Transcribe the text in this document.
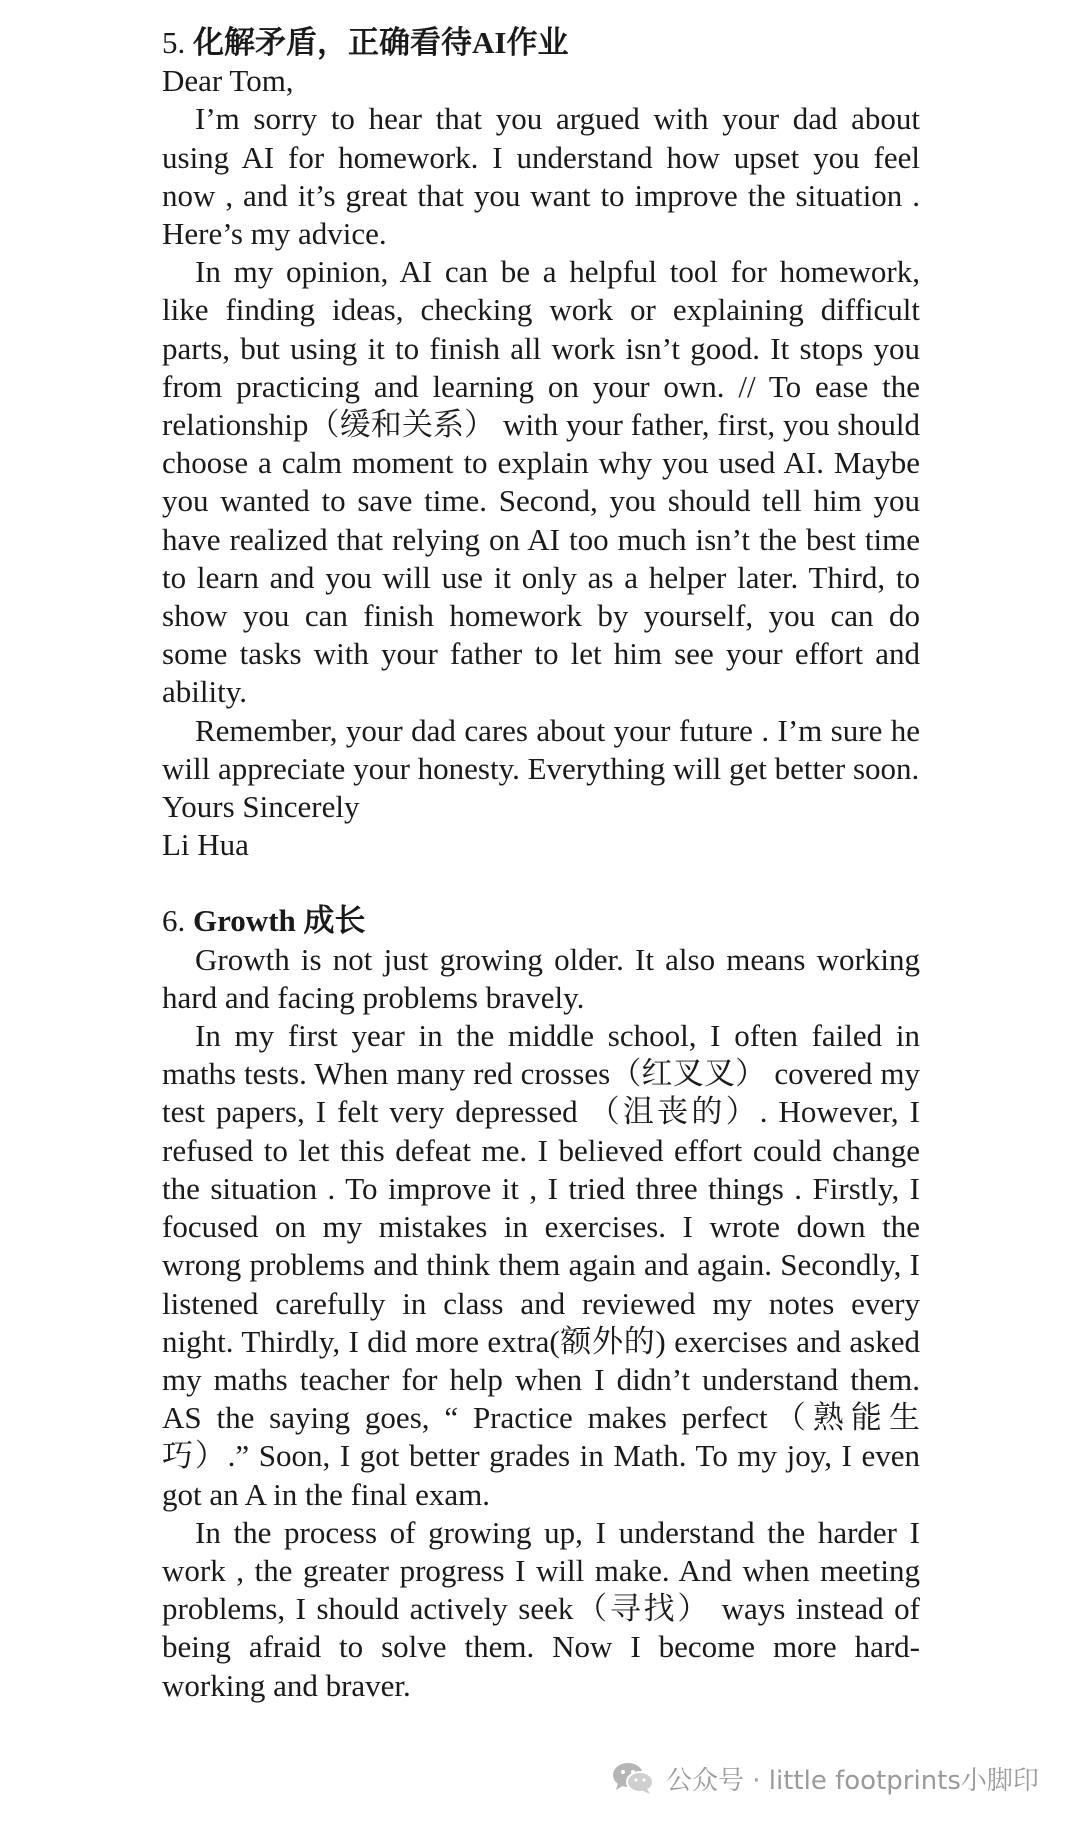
5. 化解矛盾，正确看待AI作业

Dear Tom,

I’m sorry to hear that you argued with your dad about using AI for homework. I understand how upset you feel now , and it’s great that you want to improve the situation . Here’s my advice.

In my opinion, AI can be a helpful tool for homework, like finding ideas, checking work or explaining difficult parts, but using it to finish all work isn’t good. It stops you from practicing and learning on your own. // To ease the relationship（缓和关系） with your father, first, you should choose a calm moment to explain why you used AI. Maybe you wanted to save time. Second, you should tell him you have realized that relying on AI too much isn’t the best time to learn and you will use it only as a helper later. Third, to show you can finish homework by yourself, you can do some tasks with your father to let him see your effort and ability.

Remember, your dad cares about your future . I’m sure he will appreciate your honesty. Everything will get better soon.

Yours Sincerely

Li Hua

6. Growth 成长

Growth is not just growing older. It also means working hard and facing problems bravely.

In my first year in the middle school, I often failed in maths tests. When many red crosses（红叉叉） covered my test papers, I felt very depressed （沮丧的）. However, I refused to let this defeat me. I believed effort could change the situation . To improve it , I tried three things . Firstly, I focused on my mistakes in exercises. I wrote down the wrong problems and think them again and again. Secondly, I listened carefully in class and reviewed my notes every night. Thirdly, I did more extra(额外的) exercises and asked my maths teacher for help when I didn’t understand them. AS the saying goes, “ Practice makes perfect（熟能生巧）.” Soon, I got better grades in Math. To my joy, I even got an A in the final exam.

In the process of growing up, I understand the harder I work , the greater progress I will make. And when meeting problems, I should actively seek（寻找） ways instead of being afraid to solve them. Now I become more hard-working and braver.

公众号 · little footprints小脚印
